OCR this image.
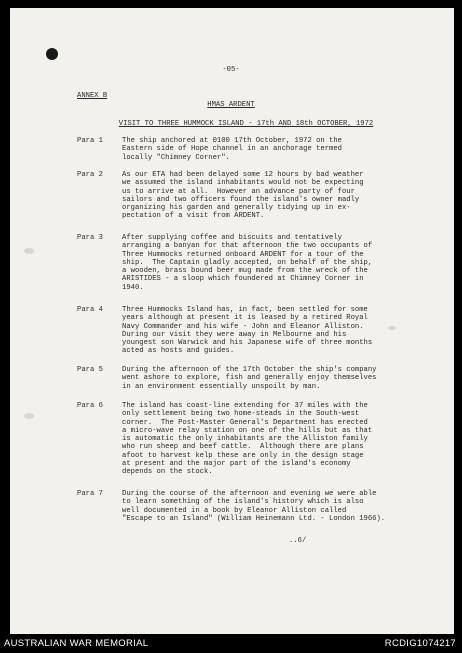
-05-
ANNEX B
HMAS ARDENT
VISIT TO THREE HUMMOCK ISLAND - 17th AND 18th OCTOBER, 1972
Para 1	The ship anchored at 0100 17th October, 1972 on the
Eastern side of Hope channel in an anchorage termed
locally "Chimney Corner".
Para 2	As our ETA had been delayed some 12 hours by bad weather
we assumed the island inhabitants would not be expecting
us to arrive at all.  However an advance party of four
sailors and two officers found the island's owner madly
organizing his garden and generally tidying up in ex-
pectation of a visit from ARDENT.
Para 3	After supplying coffee and biscuits and tentatively
arranging a banyan for that afternoon the two occupants of
Three Hummocks returned onboard ARDENT for a tour of the
ship.  The Captain gladly accepted, on behalf of the ship,
a wooden, brass bound beer mug made from the wreck of the
ARISTIDES - a sloop which foundered at Chimney Corner in
1940.
Para 4	Three Hummocks Island has, in fact, been settled for some
years although at present it is leased by a retired Royal
Navy Commander and his wife - John and Eleanor Alliston.
During our visit they were away in Melbourne and his
youngest son Warwick and his Japanese wife of three months
acted as hosts and guides.
Para 5	During the afternoon of the 17th October the ship's company
went ashore to explore, fish and generally enjoy themselves
in an environment essentially unspoilt by man.
Para 6	The island has coast-line extending for 37 miles with the
only settlement being two home-steads in the South-west
corner.  The Post-Master General's Department has erected
a micro-wave relay station on one of the hills but as that
is automatic the only inhabitants are the Alliston family
who run sheep and beef cattle.  Although there are plans
afoot to harvest kelp these are only in the design stage
at present and the major part of the island's economy
depends on the stock.
Para 7	During the course of the afternoon and evening we were able
to learn something of the island's history which is also
well documented in a book by Eleanor Alliston called
"Escape to an Island" (William Heinemann Ltd. - London 1966).
..6/
AUSTRALIAN WAR MEMORIAL	RCDIG1074217
